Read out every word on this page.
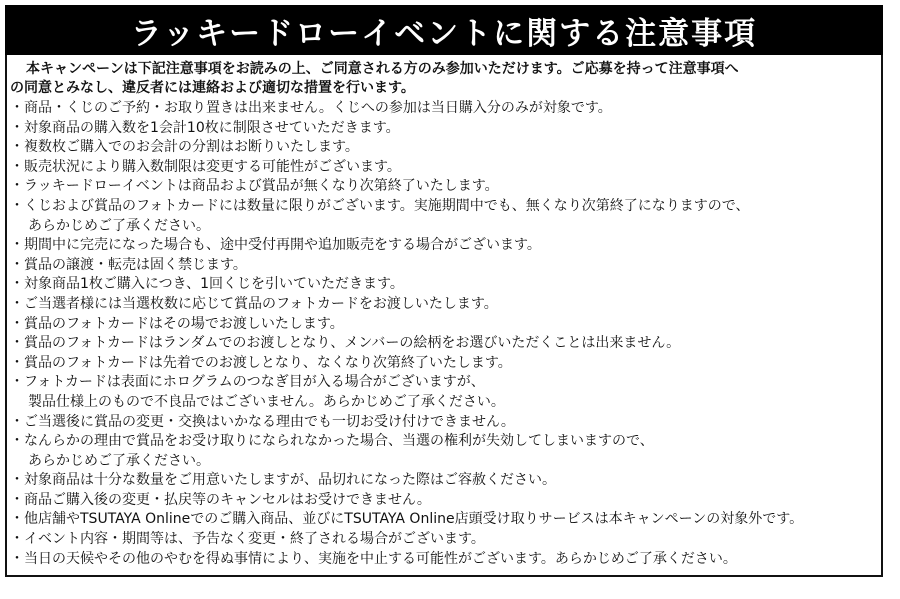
ラッキードローイベントに関する注意事項
本キャンペーンは下記注意事項をお読みの上、ご同意される方のみ参加いただけます。ご応募を持って注意事項へ
の同意とみなし、違反者には連絡および適切な措置を行います。
・商品・くじのご予約・お取り置きは出来ません。くじへの参加は当日購入分のみが対象です。
・対象商品の購入数を1会計10枚に制限させていただきます。
・複数枚ご購入でのお会計の分割はお断りいたします。
・販売状況により購入数制限は変更する可能性がございます。
・ラッキードローイベントは商品および賞品が無くなり次第終了いたします。
・くじおよび賞品のフォトカードには数量に限りがございます。実施期間中でも、無くなり次第終了になりますので、
あらかじめご了承ください。
・期間中に完売になった場合も、途中受付再開や追加販売をする場合がございます。
・賞品の譲渡・転売は固く禁じます。
・対象商品1枚ご購入につき、1回くじを引いていただきます。
・ご当選者様には当選枚数に応じて賞品のフォトカードをお渡しいたします。
・賞品のフォトカードはその場でお渡しいたします。
・賞品のフォトカードはランダムでのお渡しとなり、メンバーの絵柄をお選びいただくことは出来ません。
・賞品のフォトカードは先着でのお渡しとなり、なくなり次第終了いたします。
・フォトカードは表面にホログラムのつなぎ目が入る場合がございますが、
製品仕様上のもので不良品ではございません。あらかじめご了承ください。
・ご当選後に賞品の変更・交換はいかなる理由でも一切お受け付けできません。
・なんらかの理由で賞品をお受け取りになられなかった場合、当選の権利が失効してしまいますので、
あらかじめご了承ください。
・対象商品は十分な数量をご用意いたしますが、品切れになった際はご容赦ください。
・商品ご購入後の変更・払戻等のキャンセルはお受けできません。
・他店舗やTSUTAYA Onlineでのご購入商品、並びにTSUTAYA Online店頭受け取りサービスは本キャンペーンの対象外です。
・イベント内容・期間等は、予告なく変更・終了される場合がございます。
・当日の天候やその他のやむを得ぬ事情により、実施を中止する可能性がございます。あらかじめご了承ください。
